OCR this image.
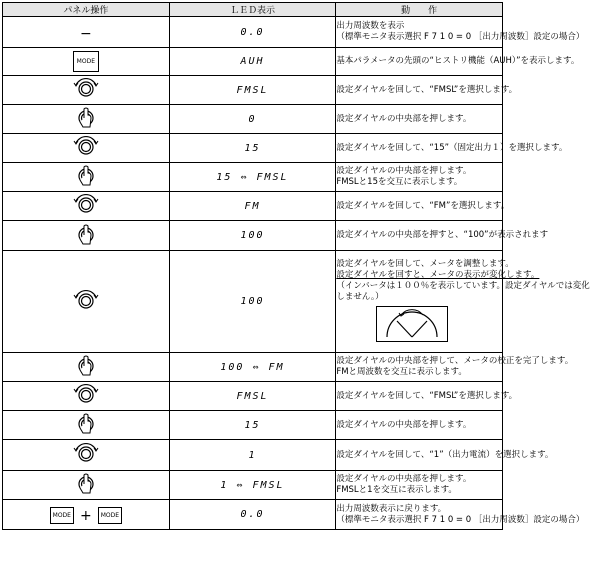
パネル操作	ＬＥＤ表示	動　　作
−	0.0	出力周波数を表示
（標準モニタ表示選択 F 7 1 0 = 0 ［出力周波数］設定の場合）

MODE	AUH	基本パラメータの先頭の“ヒストリ機能（AUH）”を表示します。

	FMSL	設定ダイヤルを回して、“FMSL”を選択します。

	0	設定ダイヤルの中央部を押します。

	15	設定ダイヤルを回して、“15”（固定出力１）を選択します。

	15 ⇔ FMSL	設定ダイヤルの中央部を押します。
FMSLと15を交互に表示します。

	FM	設定ダイヤルを回して、“FM”を選択します。

	100	設定ダイヤルの中央部を押すと、“100”が表示されます

	100	設定ダイヤルを回して、メータを調整します。
設定ダイヤルを回すと、メータの表示が変化します。
（インバータは１００％を表示しています。設定ダイヤルでは変化
しません。）

	100 ⇔ FM	設定ダイヤルの中央部を押して、メータの校正を完了します。
FMと周波数を交互に表示します。

	FMSL	設定ダイヤルを回して、“FMSL”を選択します。

	15	設定ダイヤルの中央部を押します。

	1	設定ダイヤルを回して、“1”（出力電流）を選択します。

	1 ⇔ FMSL	設定ダイヤルの中央部を押します。
FMSLと1を交互に表示します。

MODE + MODE	0.0	出力周波数表示に戻ります。
（標準モニタ表示選択 F 7 1 0 = 0 ［出力周波数］設定の場合）
